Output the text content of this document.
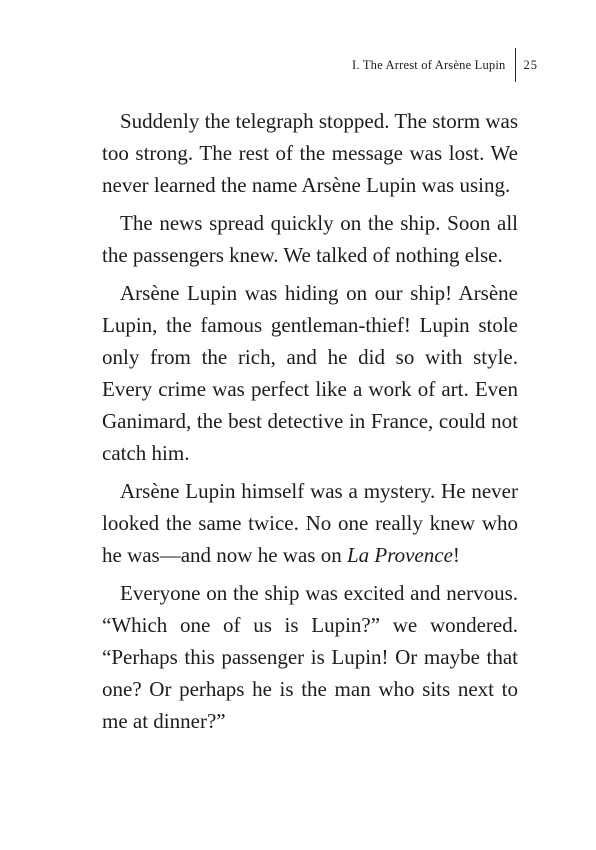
I. The Arrest of Arsène Lupin	25

Suddenly the telegraph stopped. The storm was too strong. The rest of the message was lost. We never learned the name Arsène Lupin was using.

The news spread quickly on the ship. Soon all the passengers knew. We talked of nothing else.

Arsène Lupin was hiding on our ship! Arsène Lupin, the famous gentleman-thief! Lupin stole only from the rich, and he did so with style. Every crime was perfect like a work of art. Even Ganimard, the best detective in France, could not catch him.

Arsène Lupin himself was a mystery. He never looked the same twice. No one really knew who he was—and now he was on La Provence!

Everyone on the ship was excited and nervous. “Which one of us is Lupin?” we wondered. “Perhaps this passenger is Lupin! Or maybe that one? Or perhaps he is the man who sits next to me at dinner?”
